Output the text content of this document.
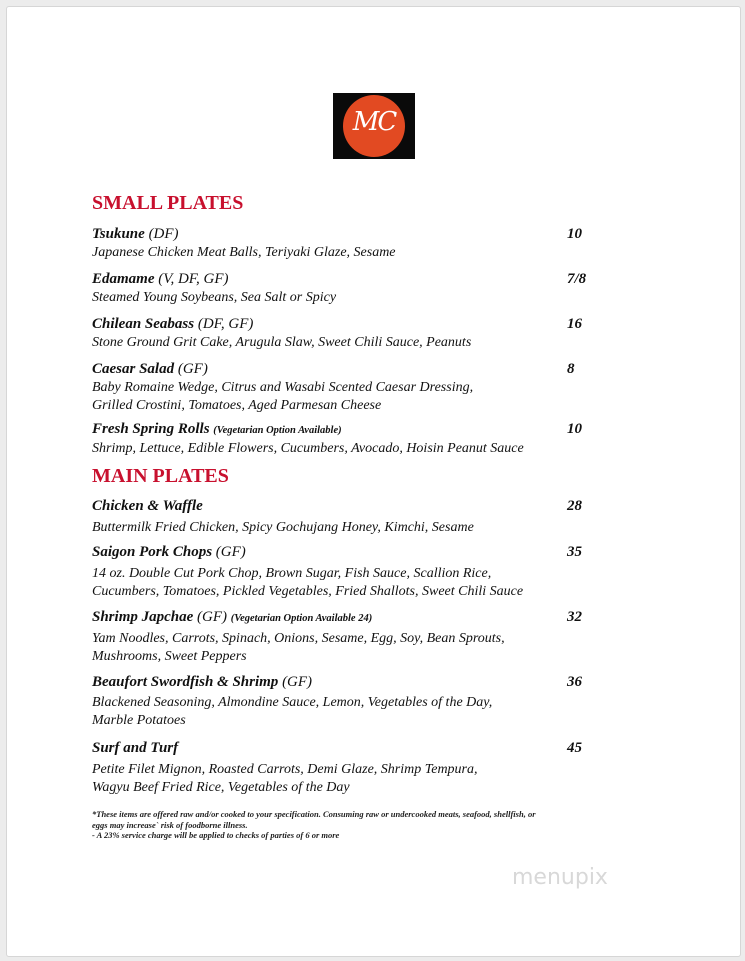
MC
SMALL PLATES
Tsukune (DF)	10
Japanese Chicken Meat Balls, Teriyaki Glaze, Sesame
Edamame (V, DF, GF)	7/8
Steamed Young Soybeans, Sea Salt or Spicy
Chilean Seabass (DF, GF)	16
Stone Ground Grit Cake, Arugula Slaw, Sweet Chili Sauce, Peanuts
Caesar Salad (GF)	8
Baby Romaine Wedge, Citrus and Wasabi Scented Caesar Dressing,
Grilled Crostini, Tomatoes, Aged Parmesan Cheese
Fresh Spring Rolls (Vegetarian Option Available)	10
Shrimp, Lettuce, Edible Flowers, Cucumbers, Avocado, Hoisin Peanut Sauce
MAIN PLATES
Chicken & Waffle	28
Buttermilk Fried Chicken, Spicy Gochujang Honey, Kimchi, Sesame
Saigon Pork Chops (GF)	35
14 oz. Double Cut Pork Chop, Brown Sugar, Fish Sauce, Scallion Rice,
Cucumbers, Tomatoes, Pickled Vegetables, Fried Shallots, Sweet Chili Sauce
Shrimp Japchae (GF) (Vegetarian Option Available 24)	32
Yam Noodles, Carrots, Spinach, Onions, Sesame, Egg, Soy, Bean Sprouts,
Mushrooms, Sweet Peppers
Beaufort Swordfish & Shrimp (GF)	36
Blackened Seasoning, Almondine Sauce, Lemon, Vegetables of the Day,
Marble Potatoes
Surf and Turf	45
Petite Filet Mignon, Roasted Carrots, Demi Glaze, Shrimp Tempura,
Wagyu Beef Fried Rice, Vegetables of the Day
*These items are offered raw and/or cooked to your specification. Consuming raw or undercooked meats, seafood, shellfish, or
eggs may increase` risk of foodborne illness.
- A 23% service charge will be applied to checks of parties of 6 or more
menupix
